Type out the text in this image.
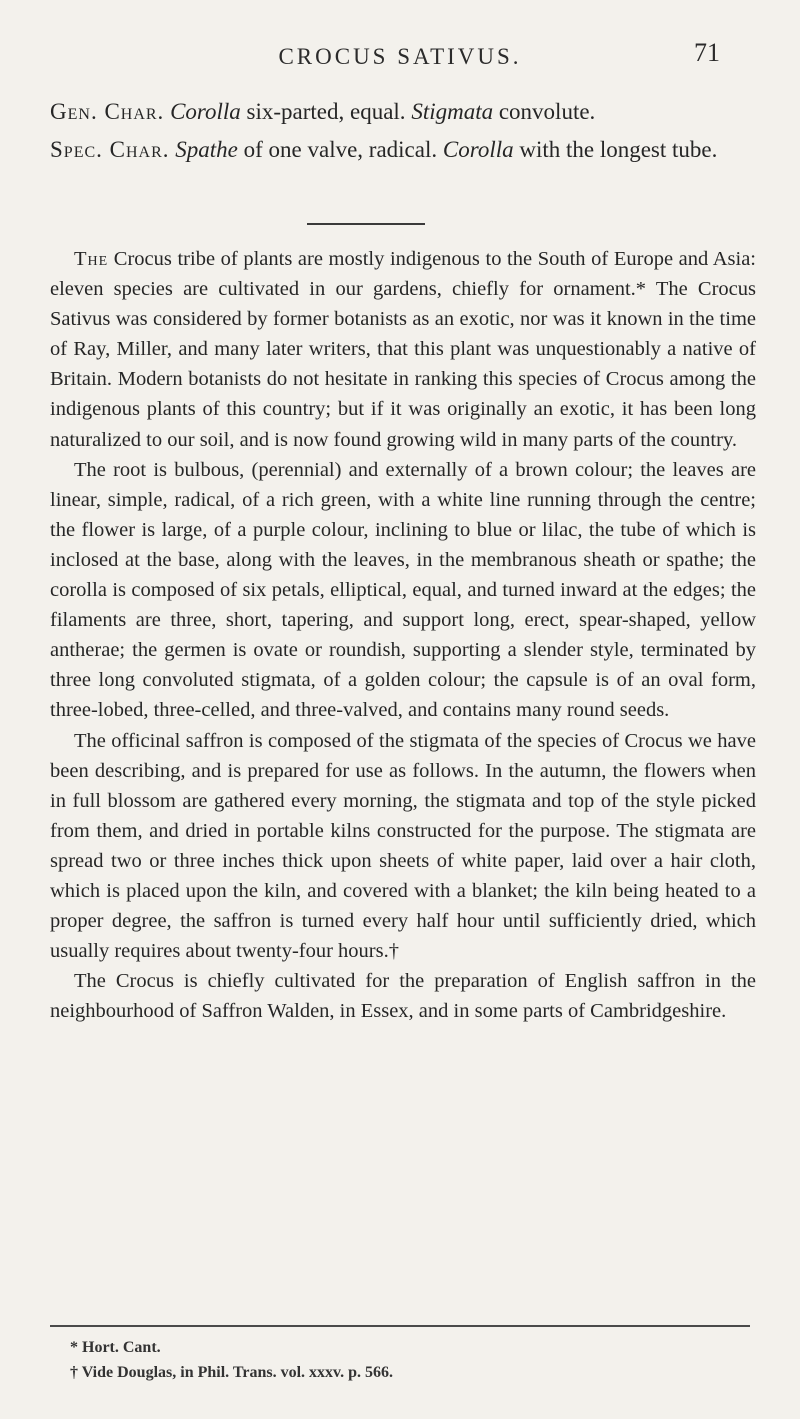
CROCUS SATIVUS.	71
Gen. Char. Corolla six-parted, equal. Stigmata convolute.
Spec. Char. Spathe of one valve, radical. Corolla with the longest tube.

The Crocus tribe of plants are mostly indigenous to the South of Europe and Asia: eleven species are cultivated in our gardens, chiefly for ornament.* The Crocus Sativus was considered by former botanists as an exotic, nor was it known in the time of Ray, Miller, and many later writers, that this plant was unquestionably a native of Britain. Modern botanists do not hesitate in ranking this species of Crocus among the indigenous plants of this country; but if it was originally an exotic, it has been long naturalized to our soil, and is now found growing wild in many parts of the country.

The root is bulbous, (perennial) and externally of a brown colour; the leaves are linear, simple, radical, of a rich green, with a white line running through the centre; the flower is large, of a purple colour, inclining to blue or lilac, the tube of which is inclosed at the base, along with the leaves, in the membranous sheath or spathe; the corolla is composed of six petals, elliptical, equal, and turned inward at the edges; the filaments are three, short, tapering, and support long, erect, spear-shaped, yellow antherae; the germen is ovate or roundish, supporting a slender style, terminated by three long convoluted stigmata, of a golden colour; the capsule is of an oval form, three-lobed, three-celled, and three-valved, and contains many round seeds.

The officinal saffron is composed of the stigmata of the species of Crocus we have been describing, and is prepared for use as follows. In the autumn, the flowers when in full blossom are gathered every morning, the stigmata and top of the style picked from them, and dried in portable kilns constructed for the purpose. The stigmata are spread two or three inches thick upon sheets of white paper, laid over a hair cloth, which is placed upon the kiln, and covered with a blanket; the kiln being heated to a proper degree, the saffron is turned every half hour until sufficiently dried, which usually requires about twenty-four hours.†

The Crocus is chiefly cultivated for the preparation of English saffron in the neighbourhood of Saffron Walden, in Essex, and in some parts of Cambridgeshire.

* Hort. Cant.
† Vide Douglas, in Phil. Trans. vol. xxxv. p. 566.
